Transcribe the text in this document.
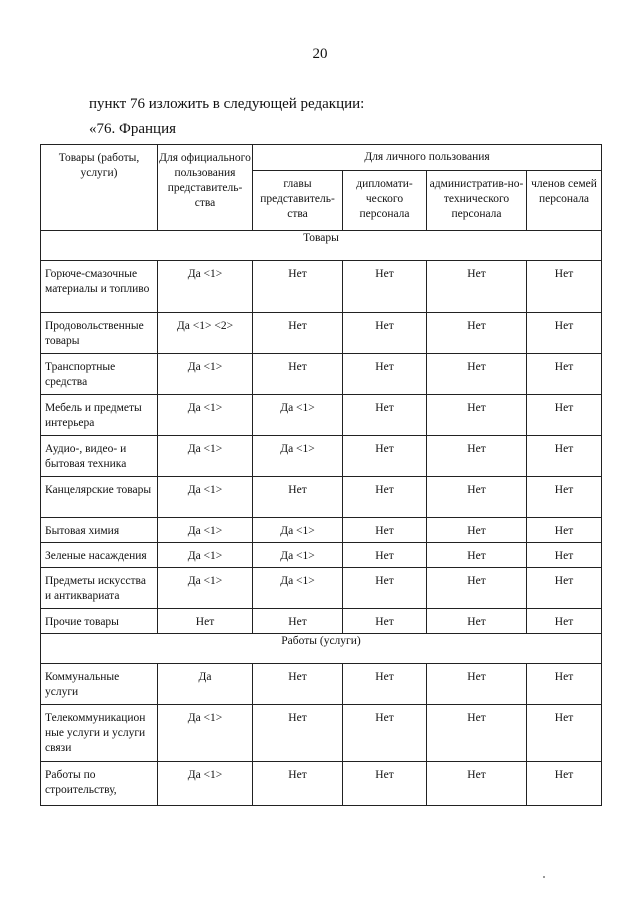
20
пункт 76 изложить в следующей редакции:
«76. Франция
Товары (работы, услуги)	Для официального пользования представитель-ства	Для личного пользования			
		главы представитель-ства	дипломати-ческого персонала	административ-но-технического персонала	членов семей персонала
Товары					
Горюче-смазочные материалы и топливо	Да <1>	Нет	Нет	Нет	Нет
Продовольственные товары	Да <1> <2>	Нет	Нет	Нет	Нет
Транспортные средства	Да <1>	Нет	Нет	Нет	Нет
Мебель и предметы интерьера	Да <1>	Да <1>	Нет	Нет	Нет
Аудио-, видео- и бытовая техника	Да <1>	Да <1>	Нет	Нет	Нет
Канцелярские товары	Да <1>	Нет	Нет	Нет	Нет
Бытовая химия	Да <1>	Да <1>	Нет	Нет	Нет
Зеленые насаждения	Да <1>	Да <1>	Нет	Нет	Нет
Предметы искусства и антиквариата	Да <1>	Да <1>	Нет	Нет	Нет
Прочие товары	Нет	Нет	Нет	Нет	Нет
Работы (услуги)					
Коммунальные услуги	Да	Нет	Нет	Нет	Нет
Телекоммуникацион ные услуги и услуги связи	Да <1>	Нет	Нет	Нет	Нет
Работы по строительству,	Да <1>	Нет	Нет	Нет	Нет
